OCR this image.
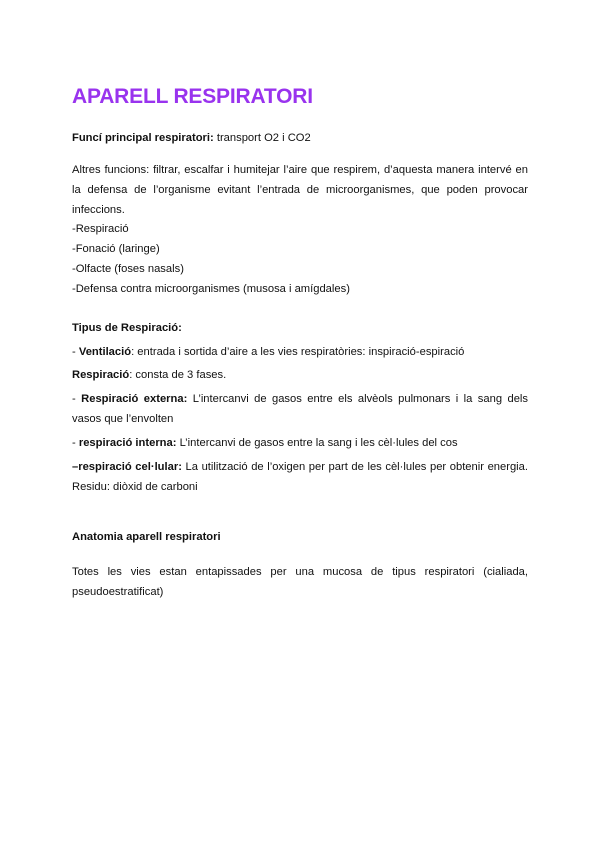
APARELL RESPIRATORI
Funcí principal respiratori: transport O2 i CO2
Altres funcions: filtrar, escalfar i humitejar l’aire que respirem, d’aquesta manera intervé en la defensa de l’organisme evitant l’entrada de microorganismes, que poden provocar infeccions.
-Respiració
-Fonació (laringe)
-Olfacte (foses nasals)
-Defensa contra microorganismes (musosa i amígdales)
Tipus de Respiració:
- Ventilació: entrada i sortida d’aire a les vies respiratòries: inspiració-espiració
Respiració: consta de 3 fases.
- Respiració externa: L’intercanvi de gasos entre els alvèols pulmonars i la sang dels vasos que l’envolten
- respiració interna: L’intercanvi de gasos entre la sang i les cèl·lules del cos
–respiració cel·lular: La utilització de l’oxigen per part de les cèl·lules per obtenir energia. Residu: diòxid de carboni
Anatomia aparell respiratori
Totes les vies estan entapissades per una mucosa de tipus respiratori (cialiada, pseudoestratificat)
